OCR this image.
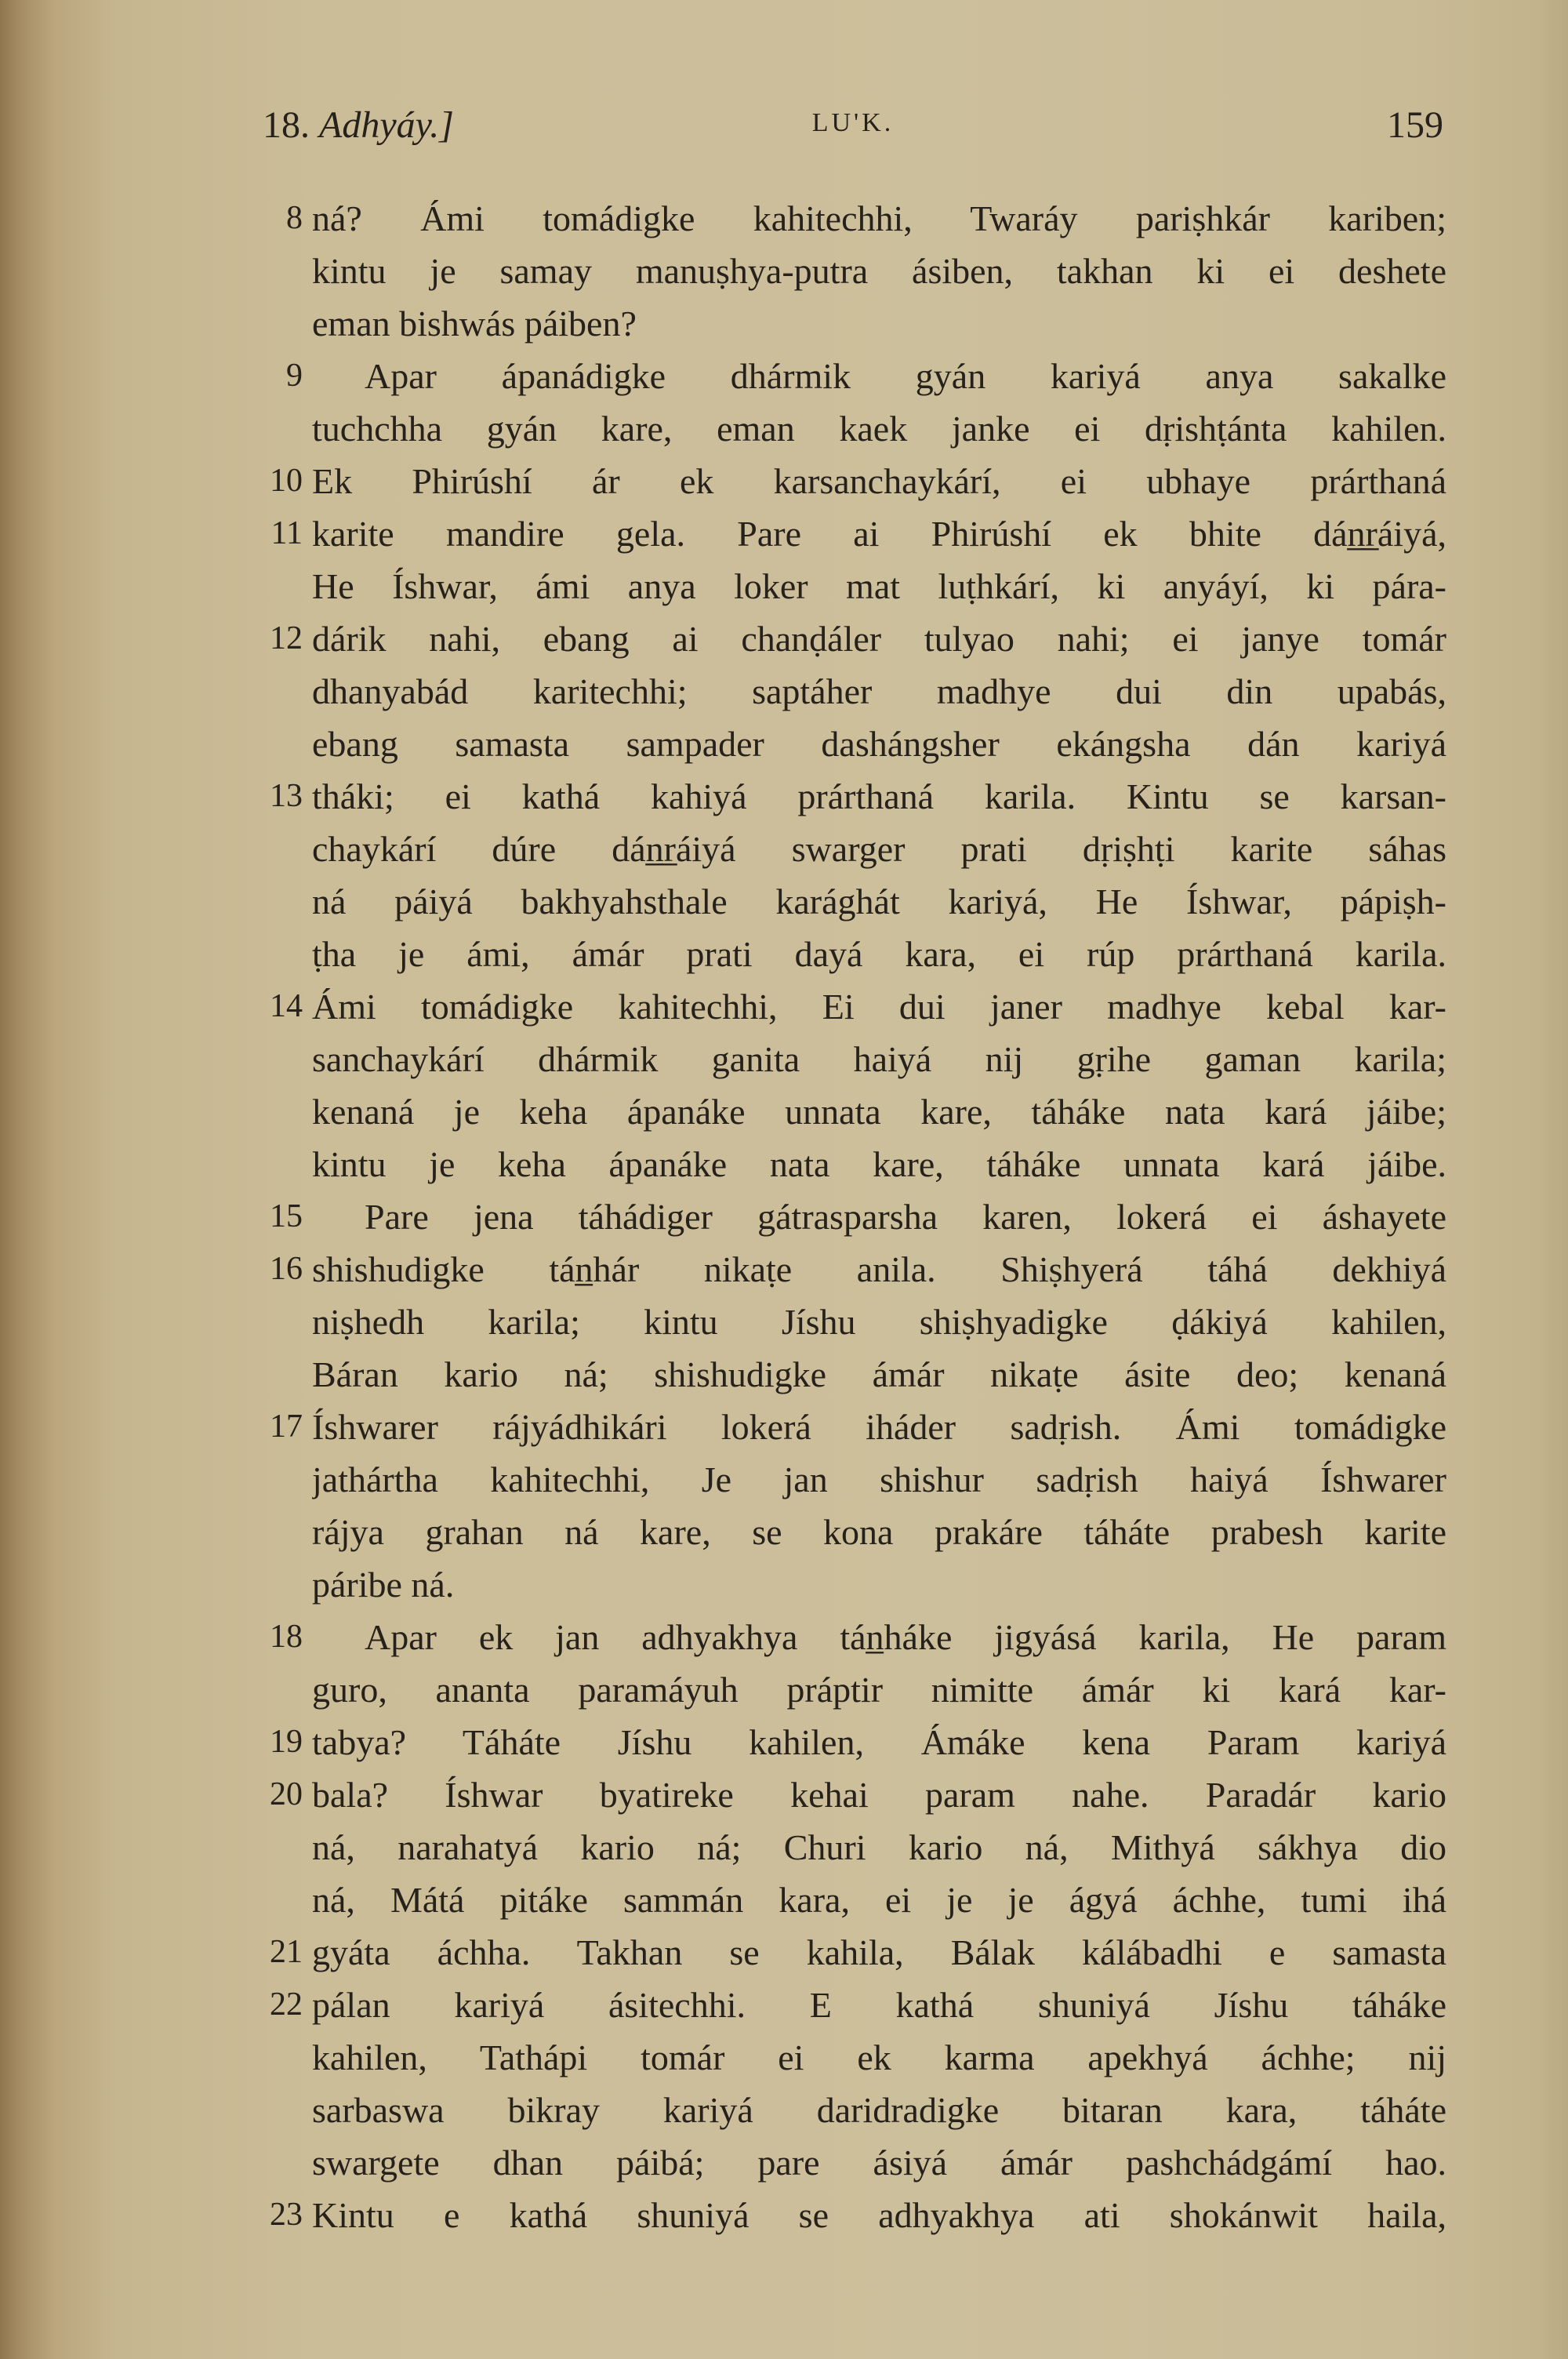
18. Adhyáy.]	LU'K.	159
8 ná? Ámi tomádigke kahitechhi, Twaráy pariṣhkár kariben;
kintu je samay manuṣhya-putra ásiben, takhan ki ei deshete
eman bishwás páiben?
9 Apar ápanádigke dhármik gyán kariyá anya sakalke
tuchchha gyán kare, eman kaek janke ei dṛishṭánta kahilen.
10 Ek Phirúshí ár ek karsanchaykárí, ei ubhaye prárthaná
11 karite mandire gela. Pare ai Phirúshí ek bhite dán̲r̲áiyá,
He Íshwar, ámi anya loker mat luṭhkárí, ki anyáyí, ki pára-
12 dárik nahi, ebang ai chanḍáler tulyao nahi; ei janye tomár
dhanyabád karitechhi; saptáher madhye dui din upabás,
ebang samasta sampader dashángsher ekángsha dán kariyá
13 tháki; ei kathá kahiyá prárthaná karila. Kintu se karsan-
chaykárí dúre dán̲r̲áiyá swarger prati dṛiṣhṭi karite sáhas
ná páiyá bakhyahsthale karághát kariyá, He Íshwar, pápiṣh-
ṭha je ámi, ámár prati dayá kara, ei rúp prárthaná karila.
14 Ámi tomádigke kahitechhi, Ei dui janer madhye kebal kar-
sanchaykárí dhármik ganita haiyá nij gṛihe gaman karila;
kenaná je keha ápanáke unnata kare, táháke nata kará jáibe;
kintu je keha ápanáke nata kare, táháke unnata kará jáibe.
15 Pare jena táhádiger gátrasparsha karen, lokerá ei áshayete
16 shishudigke tán̲hár nikaṭe anila. Shiṣhyerá táhá dekhiyá
niṣhedh karila; kintu Jíshu shiṣhyadigke ḍákiyá kahilen,
Báran kario ná; shishudigke ámár nikaṭe ásite deo; kenaná
17 Íshwarer rájyádhikári lokerá iháder sadṛish. Ámi tomádigke
jathártha kahitechhi, Je jan shishur sadṛish haiyá Íshwarer
rájya grahan ná kare, se kona prakáre táháte prabesh karite
páribe ná.
18 Apar ek jan adhyakhya tán̲háke jigyásá karila, He param
guro, ananta paramáyuh práptir nimitte ámár ki kará kar-
19 tabya? Táháte Jíshu kahilen, Ámáke kena Param kariyá
20 bala? Íshwar byatireke kehai param nahe. Paradár kario
ná, narahatyá kario ná; Churi kario ná, Mithyá sákhya dio
ná, Mátá pitáke sammán kara, ei je je ágyá áchhe, tumi ihá
21 gyáta áchha. Takhan se kahila, Bálak kálábadhi e samasta
22 pálan kariyá ásitechhi. E kathá shuniyá Jíshu táháke
kahilen, Tathápi tomár ei ek karma apekhyá áchhe; nij
sarbaswa bikray kariyá daridradigke bitaran kara, táháte
swargete dhan páibá; pare ásiyá ámár pashchádgámí hao.
23 Kintu e kathá shuniyá se adhyakhya ati shokánwit haila,
